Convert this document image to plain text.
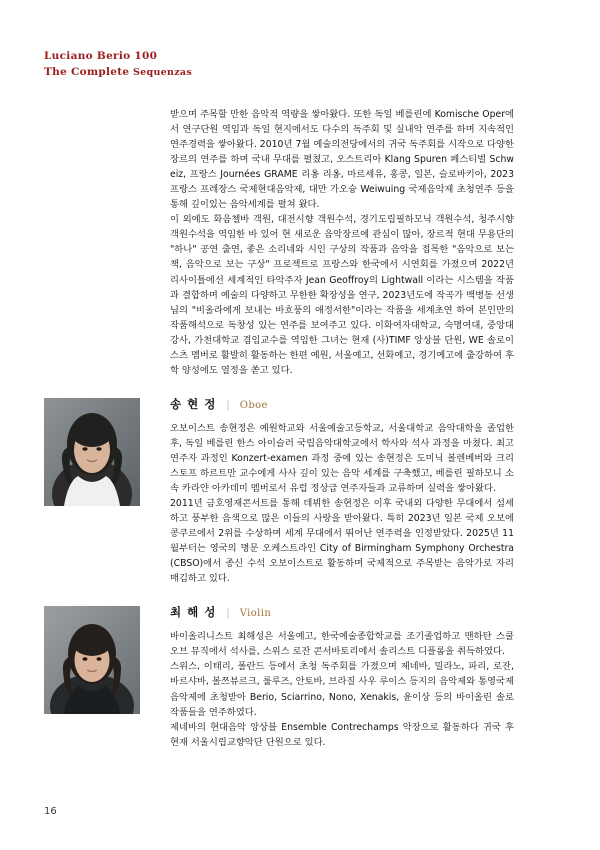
Luciano Berio 100
The Complete Sequenzas

받으며 주목할 만한 음악적 역량을 쌓아왔다. 또한 독일 베를린에 Komische Oper에서 연구단원 역임과 독일 현지에서도 다수의 독주회 및 실내악 연주를 하며 지속적인 연주경력을 쌓아왔다. 2010년 7월 예술의전당에서의 귀국 독주회를 시작으로 다양한 장르의 연주를 하며 국내 무대를 펼쳤고, 오스트리아 Klang Spuren 페스티벌 Schweiz, 프랑스 Journées GRAME 리옹 리옹, 마르세유, 홍콩, 일본, 슬로바키아, 2023 프랑스 프레장스 국제현대음악제, 대만 가오슝 Weiwuing 국제음악제 초청연주 등을 통해 깊이있는 음악세계를 펼쳐 왔다.

이 외에도 화음첼바 객원, 대전시향 객원수석, 경기도립필하모닉 객원수석, 청주시향 객원수석을 역임한 바 있어 현 새로운 음악장르에 관심이 많아, 장르적 현대 무용단의 "하나" 공연 출연, 좋은 소리네와 시인 구상의 작품과 음악을 접목한 "음악으로 보는 책, 음악으로 보는 구상" 프로젝트로 프랑스와 한국에서 시연회를 가졌으며 2022년 리사이틀에선 세계적인 타악주자 Jean Geoffroy의 Lightwall 이라는 시스템을 작품과 결합하며 예술의 다양하고 무한한 확장성을 연구, 2023년도에 작곡가 백병동 선생님의 "비올라에게 보내는 바흐풍의 애정서한"이라는 작품을 세계초연 하여 본인만의 작품해석으로 독창성 있는 연주를 보여주고 있다. 이화여자대학교, 숙명여대, 중앙대 강사, 가천대학교 겸임교수를 역임한 그녀는 현재 (사)TIMF 앙상블 단원, WE 솔로이스츠 멤버로 활발히 활동하는 한편 예원, 서울예고, 선화예고, 경기예고에 출강하여 후학 양성에도 열정을 쏟고 있다.

송 현 정 | Oboe

오보이스트 송현정은 예원학교와 서울예술고등학교, 서울대학교 음악대학을 졸업한 후, 독일 베를린 한스 아이슬러 국립음악대학교에서 학사와 석사 과정을 마쳤다. 최고연주자 과정인 Konzert-examen 과정 중에 있는 송현정은 도미닉 볼렌베버와 크리스토프 하르트만 교수에게 사사 깊이 있는 음악 세계를 구축했고, 베를린 필하모니 소속 카라얀 아카데미 멤버로서 유럽 정상급 연주자들과 교류하며 실력을 쌓아왔다.

2011년 금호영재콘서트를 통해 데뷔한 송현정은 이후 국내외 다양한 무대에서 섬세하고 풍부한 음색으로 많은 이들의 사랑을 받아왔다. 특히 2023년 일본 국제 오보에 콩쿠르에서 2위를 수상하며 세계 무대에서 뛰어난 연주력을 인정받았다. 2025년 11월부터는 영국의 명문 오케스트라인 City of Birmingham Symphony Orchestra(CBSO)에서 종신 수석 오보이스트로 활동하며 국제적으로 주목받는 음악가로 자리매김하고 있다.

최 해 성 | Violin

바이올리니스트 최해성은 서울예고, 한국예술종합학교를 조기졸업하고 맨하탄 스쿨 오브 뮤직에서 석사를, 스위스 로잔 콘서바토리에서 솔리스트 디플롬을 취득하였다.

스위스, 이태리, 폴란드 등에서 초청 독주회를 가졌으며 제네바, 밀라노, 파리, 로잔, 바르샤바, 볼쯔뷰르크, 룰루즈, 안토바, 브라질 사우 루이스 등지의 음악제와 통영국제음악제에 초청받아 Berio, Sciarrino, Nono, Xenakis, 윤이상 등의 바이올린 솔로 작품들을 연주하였다.

제네바의 현대음악 앙상블 Ensemble Contrechamps 악장으로 활동하다 귀국 후 현재 서울시립교향악단 단원으로 있다.

16
